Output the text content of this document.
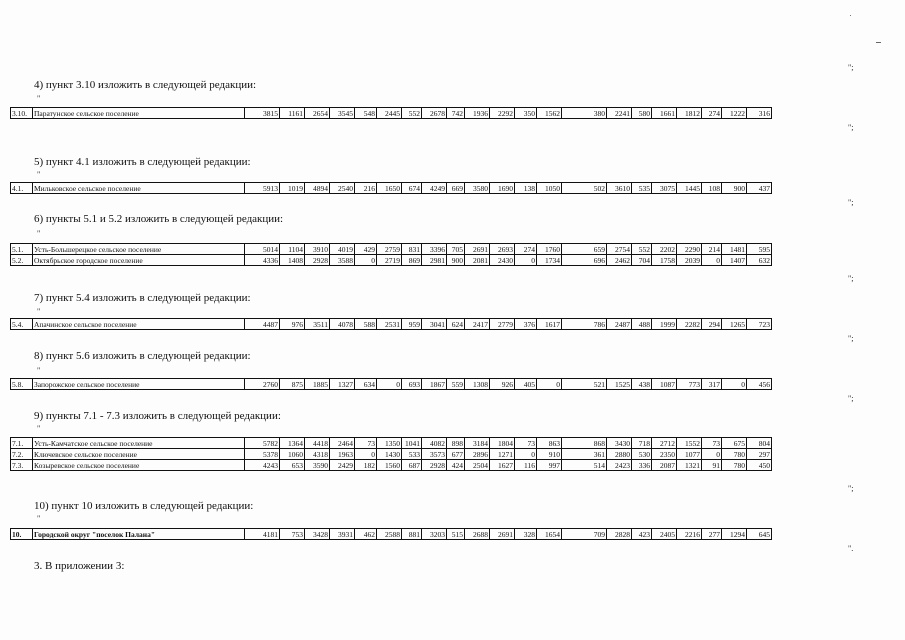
";
4) пункт 3.10 изложить в следующей редакции:
"
3.10.	Паратунское сельское поселение	3815	1161	2654	3545	548	2445	552	2678	742	1936	2292	350	1562	380	2241	580	1661	1812	274	1222	316
";
5) пункт 4.1 изложить в следующей редакции:
"
4.1.	Мильковское сельское поселение	5913	1019	4894	2540	216	1650	674	4249	669	3580	1690	138	1050	502	3610	535	3075	1445	108	900	437
";
6) пункты 5.1 и 5.2 изложить в следующей редакции:
"
5.1.	Усть-Большерецкое сельское поселение	5014	1104	3910	4019	429	2759	831	3396	705	2691	2693	274	1760	659	2754	552	2202	2290	214	1481	595
5.2.	Октябрьское городское поселение	4336	1408	2928	3588	0	2719	869	2981	900	2081	2430	0	1734	696	2462	704	1758	2039	0	1407	632
";
7) пункт 5.4 изложить в следующей редакции:
"
5.4.	Апачинское сельское поселение	4487	976	3511	4078	588	2531	959	3041	624	2417	2779	376	1617	786	2487	488	1999	2282	294	1265	723
";
8) пункт 5.6 изложить в следующей редакции:
"
5.8.	Запорожское сельское поселение	2760	875	1885	1327	634	0	693	1867	559	1308	926	405	0	521	1525	438	1087	773	317	0	456
";
9) пункты 7.1 - 7.3 изложить в следующей редакции:
"
7.1.	Усть-Камчатское сельское поселение	5782	1364	4418	2464	73	1350	1041	4082	898	3184	1804	73	863	868	3430	718	2712	1552	73	675	804
7.2.	Ключевское сельское поселение	5378	1060	4318	1963	0	1430	533	3573	677	2896	1271	0	910	361	2880	530	2350	1077	0	780	297
7.3.	Козыревское сельское поселение	4243	653	3590	2429	182	1560	687	2928	424	2504	1627	116	997	514	2423	336	2087	1321	91	780	450
";
10) пункт 10 изложить в следующей редакции:
"
10.	Городской округ "поселок Палана"	4181	753	3428	3931	462	2588	881	3203	515	2688	2691	328	1654	709	2828	423	2405	2216	277	1294	645
".
3. В приложении 3:
